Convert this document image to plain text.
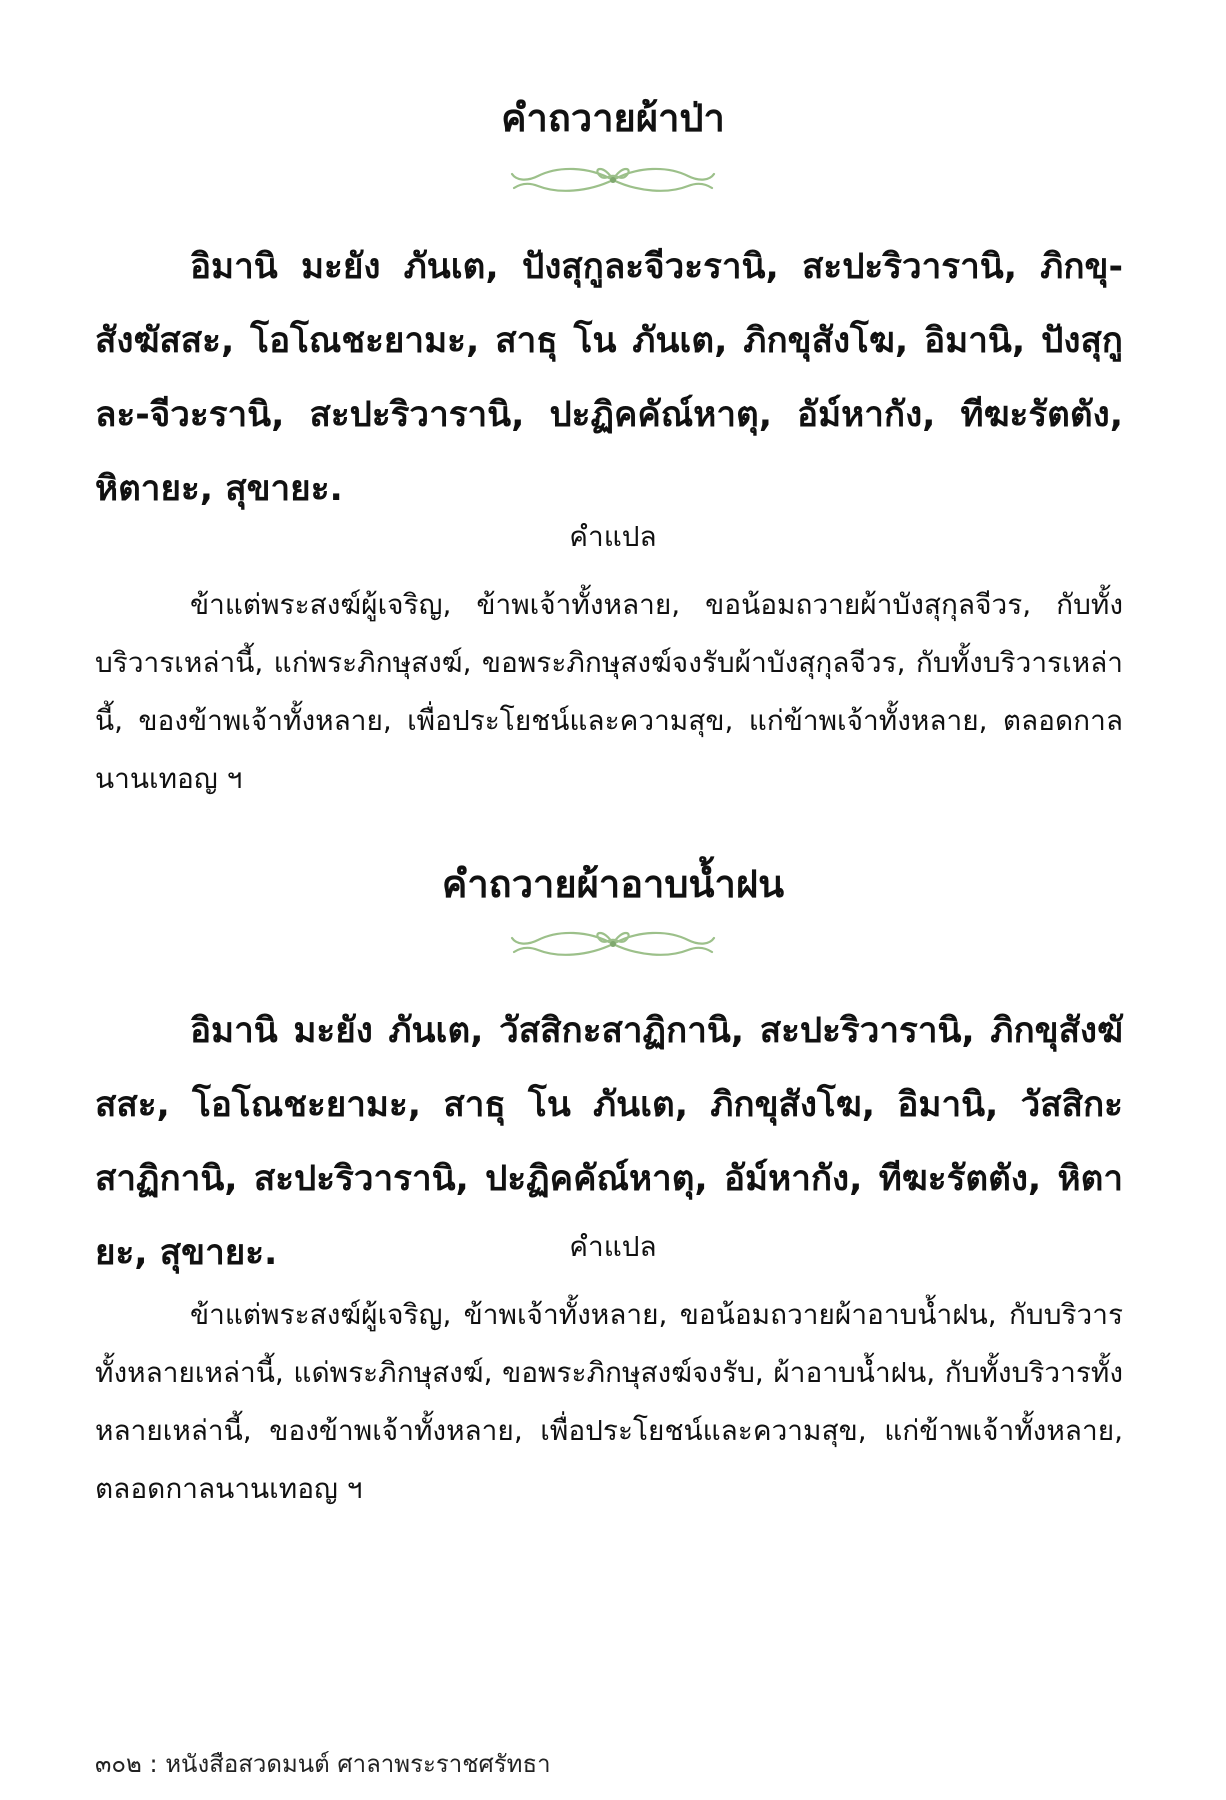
คำถวายผ้าป่า

อิมานิ มะยัง ภันเต, ปังสุกูละจีวะรานิ, สะปะริวารานิ, ภิกขุ-สังฆัสสะ, โอโณชะยามะ, สาธุ โน ภันเต, ภิกขุสังโฆ, อิมานิ, ปังสุกูละ-จีวะรานิ, สะปะริวารานิ, ปะฏิคคัณ์หาตุ, อัม์หากัง, ทีฆะรัตตัง, หิตายะ, สุขายะ.

คำแปล

ข้าแต่พระสงฆ์ผู้เจริญ, ข้าพเจ้าทั้งหลาย, ขอน้อมถวายผ้าบังสุกุลจีวร, กับทั้งบริวารเหล่านี้, แก่พระภิกษุสงฆ์, ขอพระภิกษุสงฆ์จงรับผ้าบังสุกุลจีวร, กับทั้งบริวารเหล่านี้, ของข้าพเจ้าทั้งหลาย, เพื่อประโยชน์และความสุข, แก่ข้าพเจ้าทั้งหลาย, ตลอดกาลนานเทอญ ฯ

คำถวายผ้าอาบน้ำฝน

อิมานิ มะยัง ภันเต, วัสสิกะสาฏิกานิ, สะปะริวารานิ, ภิกขุสังฆัสสะ, โอโณชะยามะ, สาธุ โน ภันเต, ภิกขุสังโฆ, อิมานิ, วัสสิกะสาฏิกานิ, สะปะริวารานิ, ปะฏิคคัณ์หาตุ, อัม์หากัง, ทีฆะรัตตัง, หิตายะ, สุขายะ.	คำแปล

ข้าแต่พระสงฆ์ผู้เจริญ, ข้าพเจ้าทั้งหลาย, ขอน้อมถวายผ้าอาบน้ำฝน, กับบริวารทั้งหลายเหล่านี้, แด่พระภิกษุสงฆ์, ขอพระภิกษุสงฆ์จงรับ, ผ้าอาบน้ำฝน, กับทั้งบริวารทั้งหลายเหล่านี้, ของข้าพเจ้าทั้งหลาย, เพื่อประโยชน์และความสุข, แก่ข้าพเจ้าทั้งหลาย, ตลอดกาลนานเทอญ ฯ

๓๐๒ : หนังสือสวดมนต์ ศาลาพระราชศรัทธา
